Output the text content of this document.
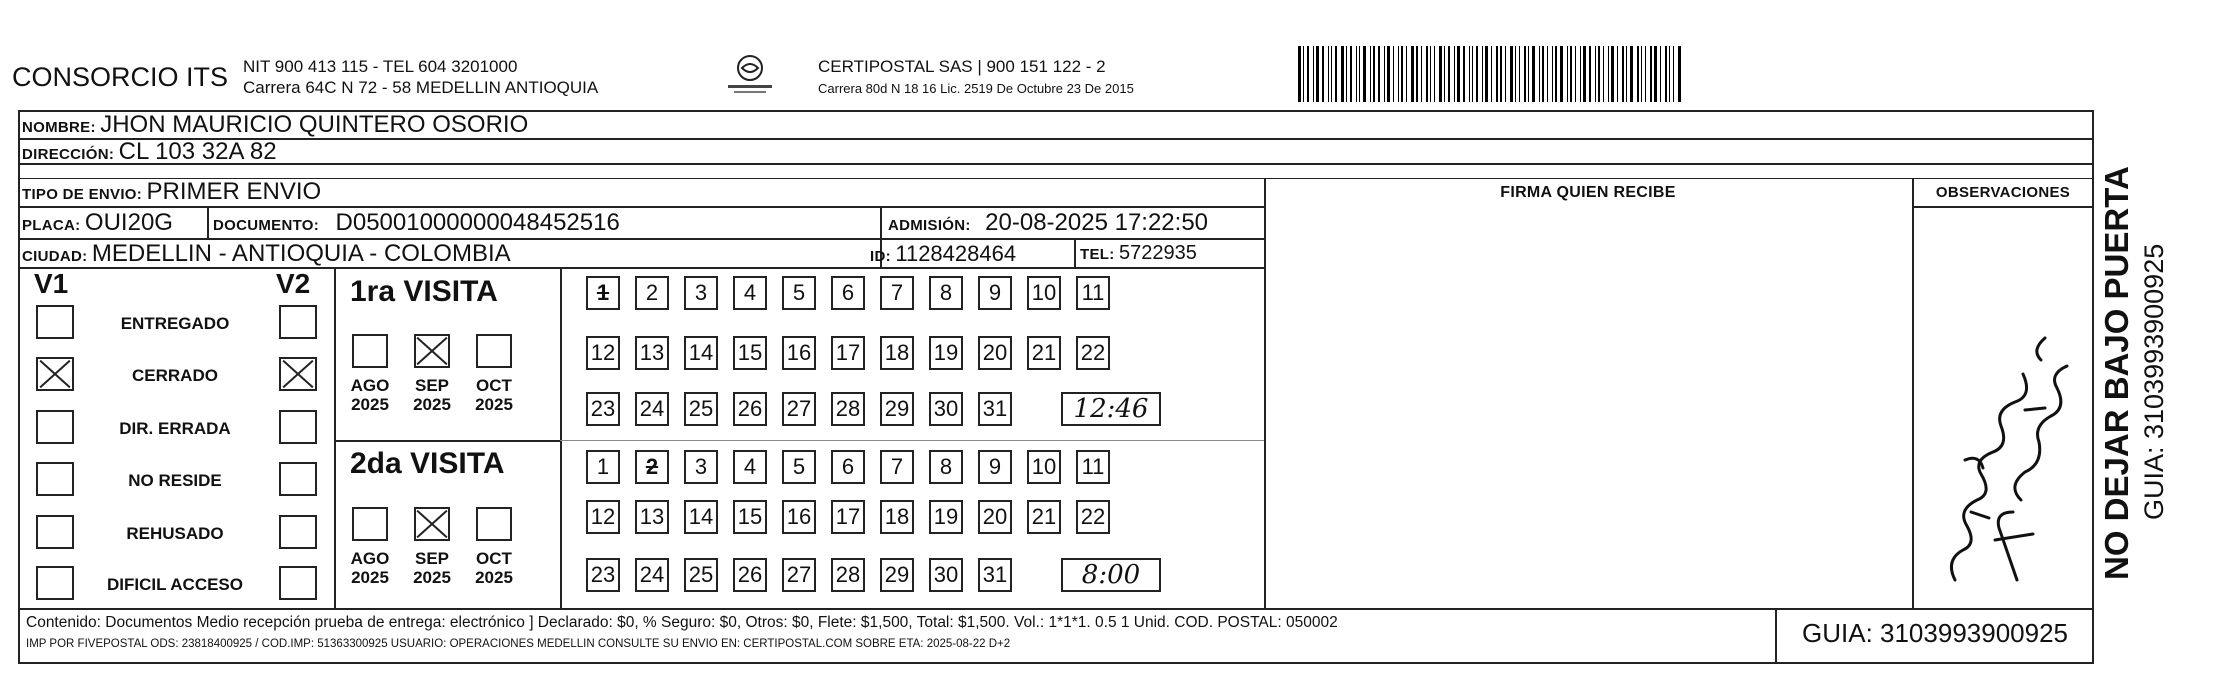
CONSORCIO ITS NIT 900 413 115 - TEL 604 3201000
Carrera 64C N 72 - 58 MEDELLIN ANTIOQUIA
CERTIPOSTAL SAS | 900 151 122 - 2
Carrera 80d N 18 16 Lic. 2519 De Octubre 23 De 2015
NOMBRE: JHON MAURICIO QUINTERO OSORIO
DIRECCIÓN: CL 103 32A 82
TIPO DE ENVIO: PRIMER ENVIO	FIRMA QUIEN RECIBE	OBSERVACIONES
PLACA: OUI20G	DOCUMENTO: D05001000000048452516	ADMISIÓN: 20-08-2025 17:22:50
CIUDAD: MEDELLIN - ANTIOQUIA - COLOMBIA	ID: 1128428464	TEL: 5722935
V1	V2
ENTREGADO
CERRADO
DIR. ERRADA
NO RESIDE
REHUSADO
DIFICIL ACCESO
1ra VISITA
2da VISITA
AGO
2025
SEP
2025
OCT
2025
AGO
2025
SEP
2025
OCT
2025
1	2	3	4	5	6	7	8	9	10 11
12 13 14 15 16 17 18 19 20 21 22
23 24 25 26 27 28 29 30 31	12:46
1	2	3	4	5	6	7	8	9	10 11
12 13 14 15 16 17 18 19 20 21 22
23 24 25 26 27 28 29 30 31	8:00	NO DEJAR BAJO PUERTA GUIA: 3103993900925
Contenido: Documentos Medio recepción prueba de entrega: electrónico ] Declarado: $0, % Seguro: $0, Otros: $0, Flete: $1,500, Total: $1,500. Vol.: 1*1*1. 0.5 1 Unid. COD. POSTAL: 050002
IMP POR FIVEPOSTAL ODS: 23818400925 / COD.IMP: 51363300925 USUARIO: OPERACIONES MEDELLIN CONSULTE SU ENVIO EN: CERTIPOSTAL.COM SOBRE ETA: 2025-08-22 D+2	GUIA: 3103993900925
